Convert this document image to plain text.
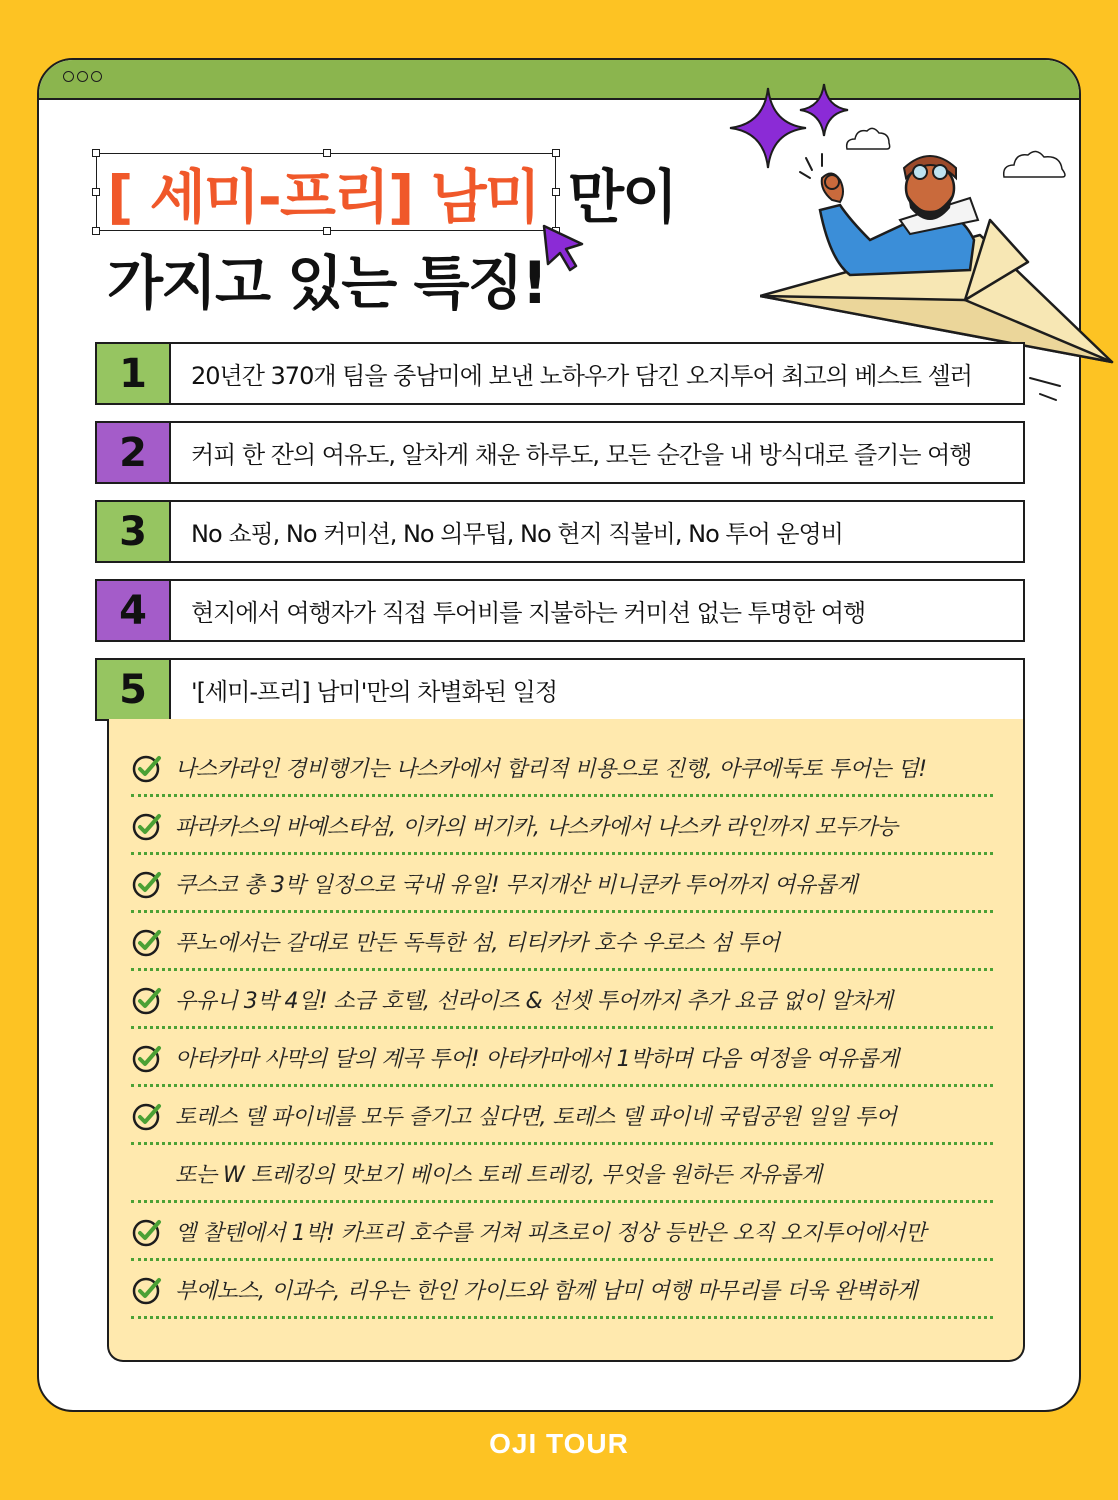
[ 세미-프리] 남미 만이
가지고 있는 특징!
1	20년간 370개 팀을 중남미에 보낸 노하우가 담긴 오지투어 최고의 베스트 셀러
2	커피 한 잔의 여유도, 알차게 채운 하루도, 모든 순간을 내 방식대로 즐기는 여행
3	No 쇼핑, No 커미션, No 의무팁, No 현지 직불비, No 투어 운영비
4	현지에서 여행자가 직접 투어비를 지불하는 커미션 없는 투명한 여행
5	'[세미-프리] 남미'만의 차별화된 일정
나스카라인 경비행기는 나스카에서 합리적 비용으로 진행, 아쿠에둑토 투어는 덤!
파라카스의 바예스타섬, 이카의 버기카, 나스카에서 나스카 라인까지 모두가능
쿠스코 총 3박 일정으로 국내 유일! 무지개산 비니쿤카 투어까지 여유롭게
푸노에서는 갈대로 만든 독특한 섬, 티티카카 호수 우로스 섬 투어
우유니 3박 4일! 소금 호텔, 선라이즈 & 선셋 투어까지 추가 요금 없이 알차게
아타카마 사막의 달의 계곡 투어! 아타카마에서 1박하며 다음 여정을 여유롭게
토레스 델 파이네를 모두 즐기고 싶다면, 토레스 델 파이네 국립공원 일일 투어
또는 W 트레킹의 맛보기 베이스 토레 트레킹, 무엇을 원하든 자유롭게
엘 찰텐에서 1박! 카프리 호수를 거쳐 피츠로이 정상 등반은 오직 오지투어에서만
부에노스, 이과수, 리우는 한인 가이드와 함께 남미 여행 마무리를 더욱 완벽하게
OJI TOUR
